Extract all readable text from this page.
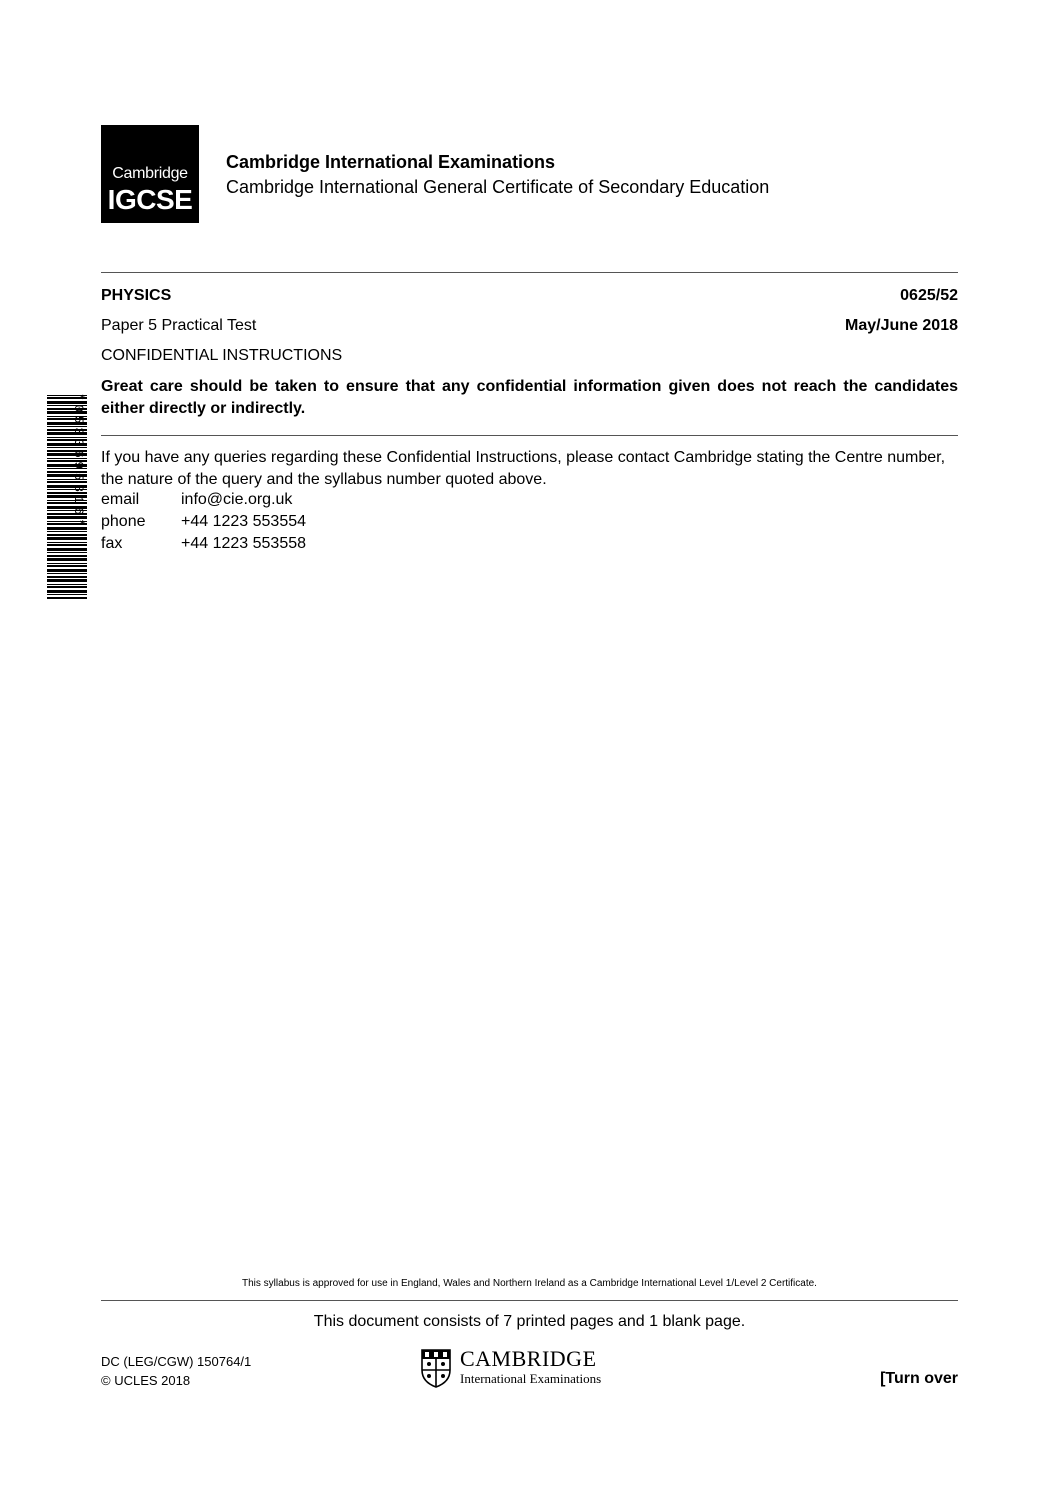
Cambridge
IGCSE
Cambridge International Examinations
Cambridge International General Certificate of Secondary Education
PHYSICS	0625/52
Paper 5 Practical Test	May/June 2018
CONFIDENTIAL INSTRUCTIONS
Great care should be taken to ensure that any confidential information given does not reach the candidates either directly or indirectly.
If you have any queries regarding these Confidential Instructions, please contact Cambridge stating the Centre number, the nature of the query and the syllabus number quoted above.
email	info@cie.org.uk
phone +44 1223 553554
fax	+44 1223 553558
*0533695816*
This syllabus is approved for use in England, Wales and Northern Ireland as a Cambridge International Level 1/Level 2 Certificate.
This document consists of 7 printed pages and 1 blank page.
DC (LEG/CGW) 150764/1
© UCLES 2018
CAMBRIDGE
International Examinations	[Turn over
